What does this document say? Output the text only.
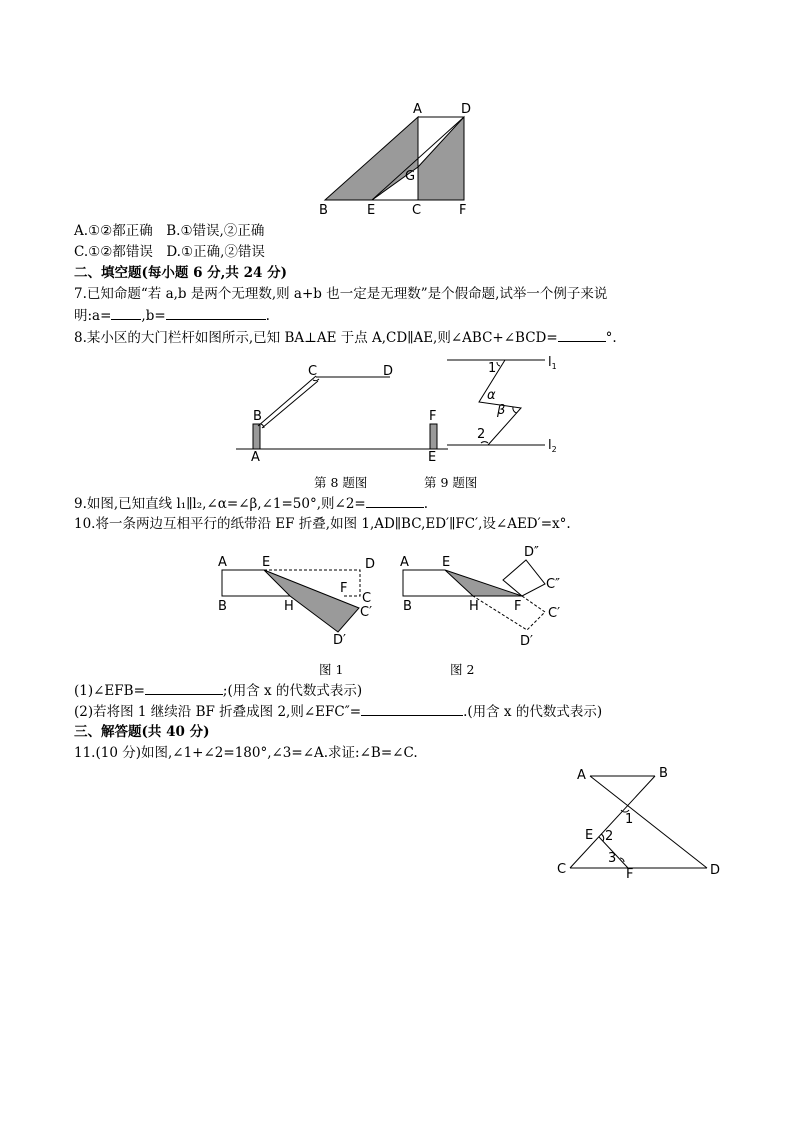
A	D
G
B	E	C	F
A.①②都正确　B.①错误,②正确
C.①②都错误　D.①正确,②错误
二、填空题(每小题 6 分,共 24 分)
7.已知命题“若 a,b 是两个无理数,则 a+b 也一定是无理数”是个假命题,试举一个例子来说
明:a= ,b=	.
8.某小区的大门栏杆如图所示,已知 BA⊥AE 于点 A,CD∥AE,则∠ABC+∠BCD=	°.
B
C	D
A	E
F
第 8 题图
$l_1$
$l_2$
1
α
β
2
第 9 题图
9.如图,已知直线 l₁∥l₂,∠α=∠β,∠1=50°,则∠2=	.
10.将一条两边互相平行的纸带沿 EF 折叠,如图 1,AD∥BC,ED′∥FC′,设∠AED′=x°.
A	E	D
F
B	H
C
C′
D′
图 1
A	E
D″
C″
B	H	F C′
D′
图 2
(1)∠EFB=	;(用含 x 的代数式表示)
(2)若将图 1 继续沿 BF 折叠成图 2,则∠EFC″=	.(用含 x 的代数式表示)
三、解答题(共 40 分)
11.(10 分)如图,∠1+∠2=180°,∠3=∠A.求证:∠B=∠C.
A	B
1
E 2
3
C	F	D
